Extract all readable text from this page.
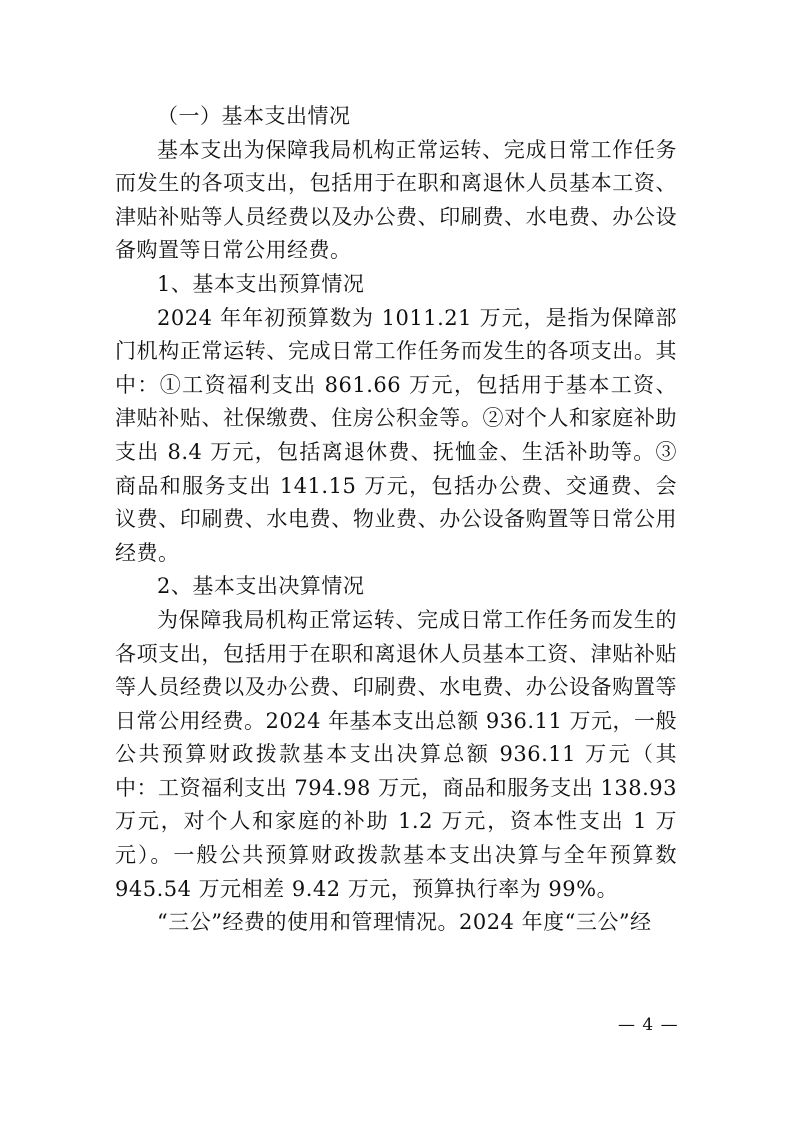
（一）基本支出情况

基本支出为保障我局机构正常运转、完成日常工作任务而发生的各项支出，包括用于在职和离退休人员基本工资、津贴补贴等人员经费以及办公费、印刷费、水电费、办公设备购置等日常公用经费。

1、基本支出预算情况

2024 年年初预算数为 1011.21 万元，是指为保障部门机构正常运转、完成日常工作任务而发生的各项支出。其中：①工资福利支出 861.66 万元，包括用于基本工资、津贴补贴、社保缴费、住房公积金等。②对个人和家庭补助支出 8.4 万元，包括离退休费、抚恤金、生活补助等。③商品和服务支出 141.15 万元，包括办公费、交通费、会议费、印刷费、水电费、物业费、办公设备购置等日常公用经费。

2、基本支出决算情况

为保障我局机构正常运转、完成日常工作任务而发生的各项支出，包括用于在职和离退休人员基本工资、津贴补贴等人员经费以及办公费、印刷费、水电费、办公设备购置等日常公用经费。2024 年基本支出总额 936.11 万元，一般公共预算财政拨款基本支出决算总额 936.11 万元（其中：工资福利支出 794.98 万元，商品和服务支出 138.93 万元，对个人和家庭的补助 1.2 万元，资本性支出 1 万元）。一般公共预算财政拨款基本支出决算与全年预算数 945.54 万元相差 9.42 万元，预算执行率为 99%。

“三公”经费的使用和管理情况。2024 年度“三公”经

— 4 —
